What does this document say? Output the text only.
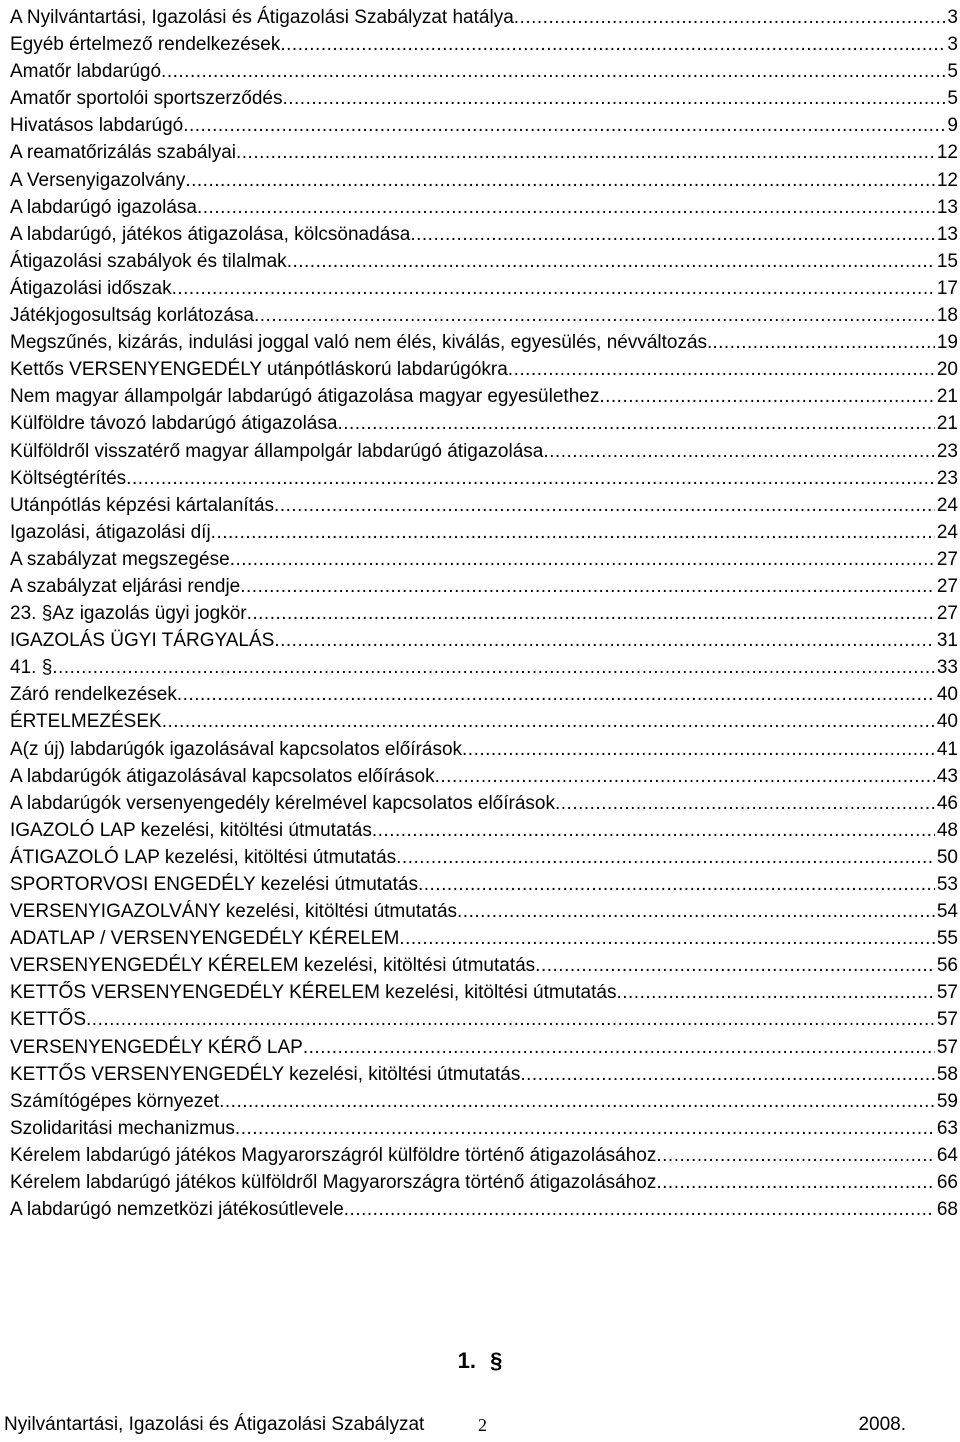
A Nyilvántartási, Igazolási és Átigazolási Szabályzat hatálya .....	3
Egyéb értelmező rendelkezések .....	3
Amatőr labdarúgó .....	5
Amatőr sportolói sportszerződés .....	5
Hivatásos labdarúgó .....	9
A reamatőrizálás szabályai .....	12
A Versenyigazolvány .....	12
A labdarúgó igazolása .....	13
A labdarúgó, játékos átigazolása, kölcsönadása .....	13
Átigazolási szabályok és tilalmak .....	15
Átigazolási időszak .....	17
Játékjogosultság korlátozása .....	18
Megszűnés, kizárás, indulási joggal való nem élés, kiválás, egyesülés, névváltozás. .....	19
Kettős VERSENYENGEDÉLY utánpótláskorú labdarúgókra .....	20
Nem magyar állampolgár labdarúgó átigazolása magyar egyesülethez .....	21
Külföldre távozó labdarúgó átigazolása .....	21
Külföldről visszatérő magyar állampolgár labdarúgó átigazolása .....	23
Költségtérítés .....	23
Utánpótlás képzési kártalanítás .....	24
Igazolási, átigazolási díj .....	24
A szabályzat megszegése .....	27
A szabályzat eljárási rendje .....	27
23. §Az igazolás ügyi jogkör .....	27
IGAZOLÁS ÜGYI TÁRGYALÁS .....	31
41. § .....	33
Záró rendelkezések .....	40
ÉRTELMEZÉSEK .....	40
A(z új) labdarúgók igazolásával kapcsolatos előírások .....	41
A labdarúgók átigazolásával kapcsolatos előírások .....	43
A labdarúgók versenyengedély kérelmével kapcsolatos előírások .....	46
IGAZOLÓ LAP kezelési, kitöltési útmutatás .....	48
ÁTIGAZOLÓ LAP kezelési, kitöltési útmutatás .....	50
SPORTORVOSI ENGEDÉLY kezelési útmutatás .....	53
VERSENYIGAZOLVÁNY kezelési, kitöltési útmutatás .....	54
ADATLAP / VERSENYENGEDÉLY KÉRELEM .....	55
VERSENYENGEDÉLY KÉRELEM kezelési, kitöltési útmutatás .....	56
KETTŐS VERSENYENGEDÉLY KÉRELEM kezelési, kitöltési útmutatás .....	57
KETTŐS .....	57
VERSENYENGEDÉLY KÉRŐ LAP .....	57
KETTŐS VERSENYENGEDÉLY kezelési, kitöltési útmutatás .....	58
Számítógépes környezet .....	59
Szolidaritási mechanizmus .....	63
Kérelem labdarúgó játékos Magyarországról külföldre történő átigazolásához .....	64
Kérelem labdarúgó játékos külföldről Magyarországra történő átigazolásához .....	66
A labdarúgó nemzetközi játékosútlevele .....	68
1. §
Nyilvántartási, Igazolási és Átigazolási Szabályzat	2	2008.
